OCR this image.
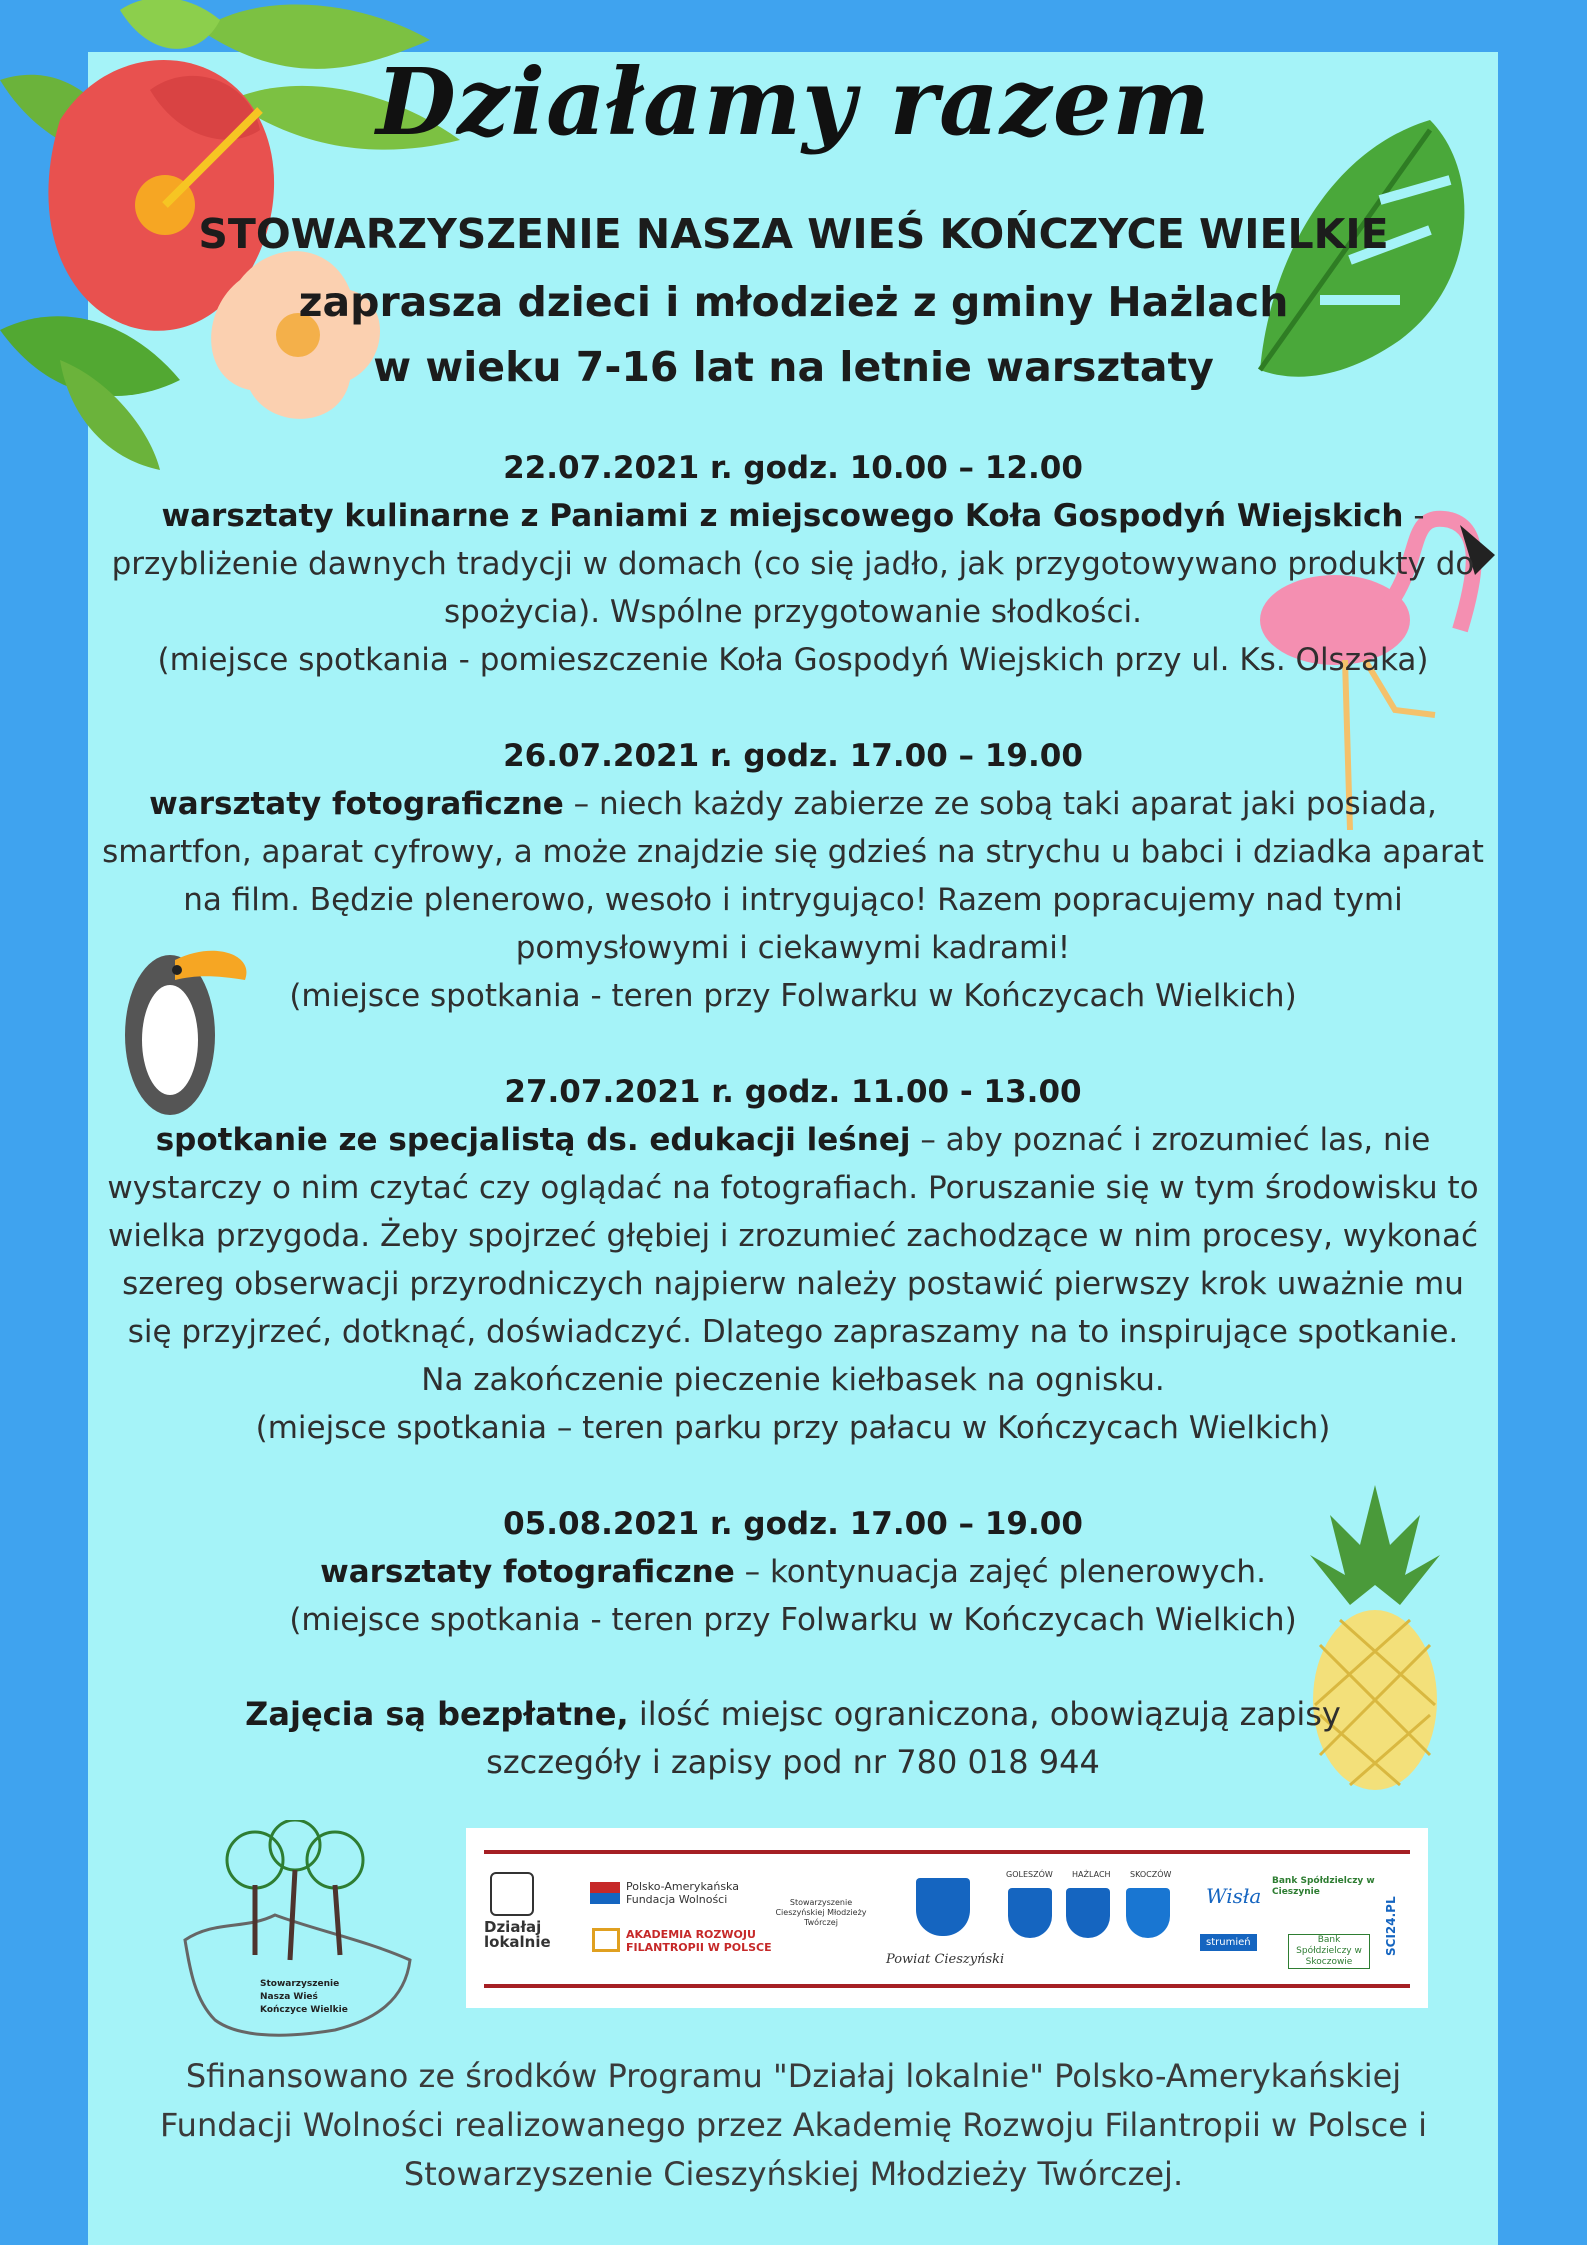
Działamy razem
STOWARZYSZENIE NASZA WIEŚ KOŃCZYCE WIELKIE
zaprasza dzieci i młodzież z gminy Hażlach
w wieku 7-16 lat na letnie warsztaty
22.07.2021 r. godz. 10.00 – 12.00
warsztaty kulinarne z Paniami z miejscowego Koła Gospodyń Wiejskich -
przybliżenie dawnych tradycji w domach (co się jadło, jak przygotowywano produkty do
spożycia). Wspólne przygotowanie słodkości.
(miejsce spotkania - pomieszczenie Koła Gospodyń Wiejskich przy ul. Ks. Olszaka)
26.07.2021 r. godz. 17.00 – 19.00
warsztaty fotograficzne – niech każdy zabierze ze sobą taki aparat jaki posiada,
smartfon, aparat cyfrowy, a może znajdzie się gdzieś na strychu u babci i dziadka aparat
na film. Będzie plenerowo, wesoło i intrygująco! Razem popracujemy nad tymi
pomysłowymi i ciekawymi kadrami!
(miejsce spotkania - teren przy Folwarku w Kończycach Wielkich)
27.07.2021 r. godz. 11.00 - 13.00
spotkanie ze specjalistą ds. edukacji leśnej – aby poznać i zrozumieć las, nie
wystarczy o nim czytać czy oglądać na fotografiach. Poruszanie się w tym środowisku to
wielka przygoda. Żeby spojrzeć głębiej i zrozumieć zachodzące w nim procesy, wykonać
szereg obserwacji przyrodniczych najpierw należy postawić pierwszy krok uważnie mu
się przyjrzeć, dotknąć, doświadczyć. Dlatego zapraszamy na to inspirujące spotkanie.
Na zakończenie pieczenie kiełbasek na ognisku.
(miejsce spotkania – teren parku przy pałacu w Kończycach Wielkich)
05.08.2021 r. godz. 17.00 – 19.00
warsztaty fotograficzne – kontynuacja zajęć plenerowych.
(miejsce spotkania - teren przy Folwarku w Kończycach Wielkich)
Zajęcia są bezpłatne, ilość miejsc ograniczona, obowiązują zapisy
szczegóły i zapisy pod nr 780 018 944
Stowarzyszenie
Nasza Wieś
Kończyce Wielkie
Działaj
lokalnie
Polsko-Amerykańska
Fundacja Wolności
AKADEMIA ROZWOJU
FILANTROPII W POLSCE
Stowarzyszenie Cieszyńskiej Młodzieży Twórczej
Powiat Cieszyński
GOLESZÓW HAŻLACH SKOCZÓW
Wisła
strumień
Bank Spółdzielczy w Cieszynie
Bank Spółdzielczy w Skoczowie
SCI24.PL
Sfinansowano ze środków Programu "Działaj lokalnie" Polsko-Amerykańskiej
Fundacji Wolności realizowanego przez Akademię Rozwoju Filantropii w Polsce i
Stowarzyszenie Cieszyńskiej Młodzieży Twórczej.
